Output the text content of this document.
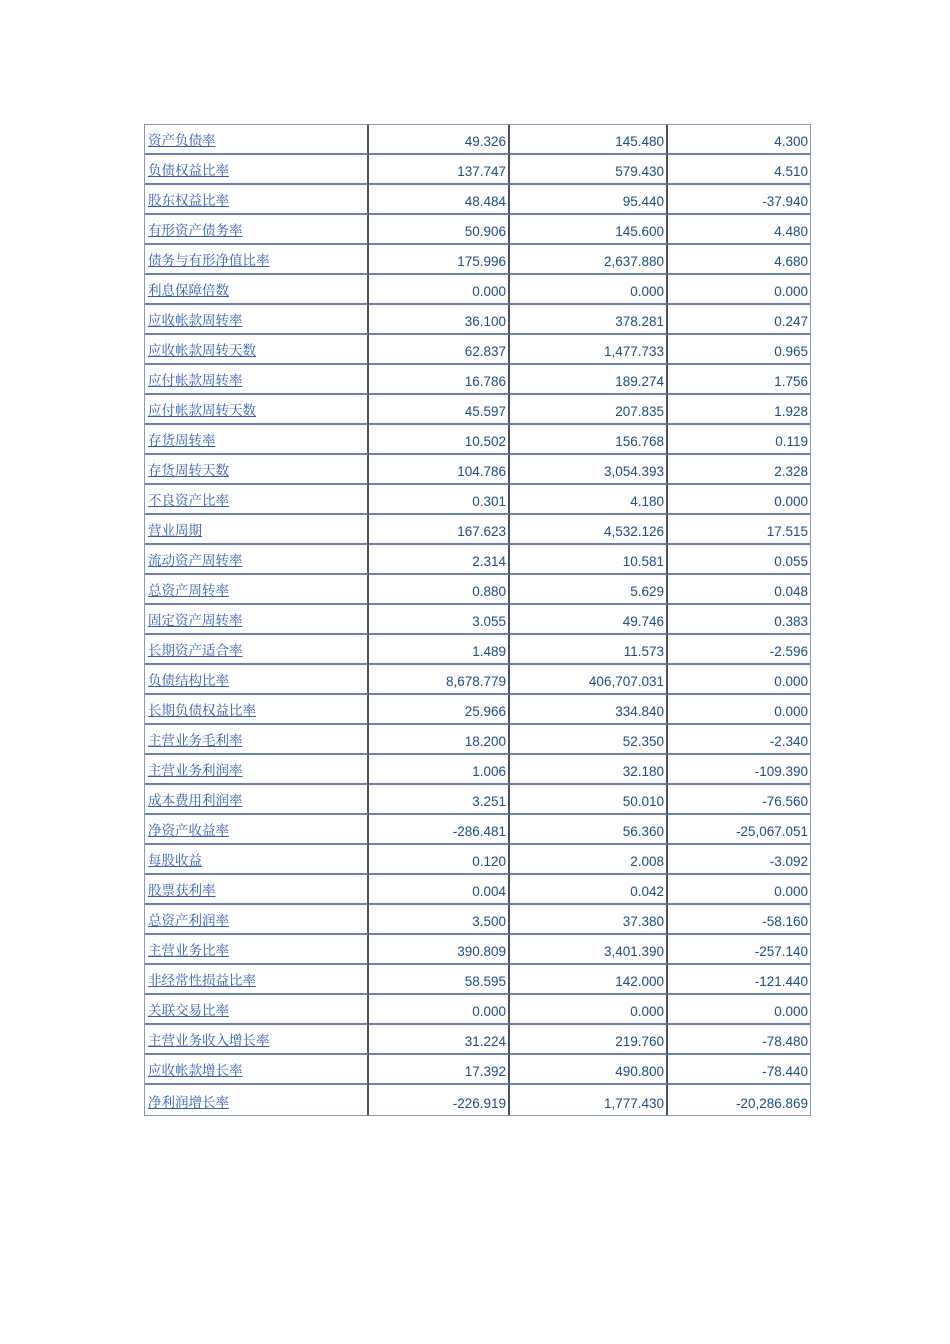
资产负债率	49.326	145.480	4.300
负债权益比率	137.747	579.430	4.510
股东权益比率	48.484	95.440	-37.940
有形资产债务率	50.906	145.600	4.480
债务与有形净值比率	175.996	2,637.880	4.680
利息保障倍数	0.000	0.000	0.000
应收帐款周转率	36.100	378.281	0.247
应收帐款周转天数	62.837	1,477.733	0.965
应付帐款周转率	16.786	189.274	1.756
应付帐款周转天数	45.597	207.835	1.928
存货周转率	10.502	156.768	0.119
存货周转天数	104.786	3,054.393	2.328
不良资产比率	0.301	4.180	0.000
营业周期	167.623	4,532.126	17.515
流动资产周转率	2.314	10.581	0.055
总资产周转率	0.880	5.629	0.048
固定资产周转率	3.055	49.746	0.383
长期资产适合率	1.489	11.573	-2.596
负债结构比率	8,678.779	406,707.031	0.000
长期负债权益比率	25.966	334.840	0.000
主营业务毛利率	18.200	52.350	-2.340
主营业务利润率	1.006	32.180	-109.390
成本费用利润率	3.251	50.010	-76.560
净资产收益率	-286.481	56.360	-25,067.051
每股收益	0.120	2.008	-3.092
股票获利率	0.004	0.042	0.000
总资产利润率	3.500	37.380	-58.160
主营业务比率	390.809	3,401.390	-257.140
非经常性损益比率	58.595	142.000	-121.440
关联交易比率	0.000	0.000	0.000
主营业务收入增长率	31.224	219.760	-78.480
应收帐款增长率	17.392	490.800	-78.440
净利润增长率	-226.919	1,777.430	-20,286.869
